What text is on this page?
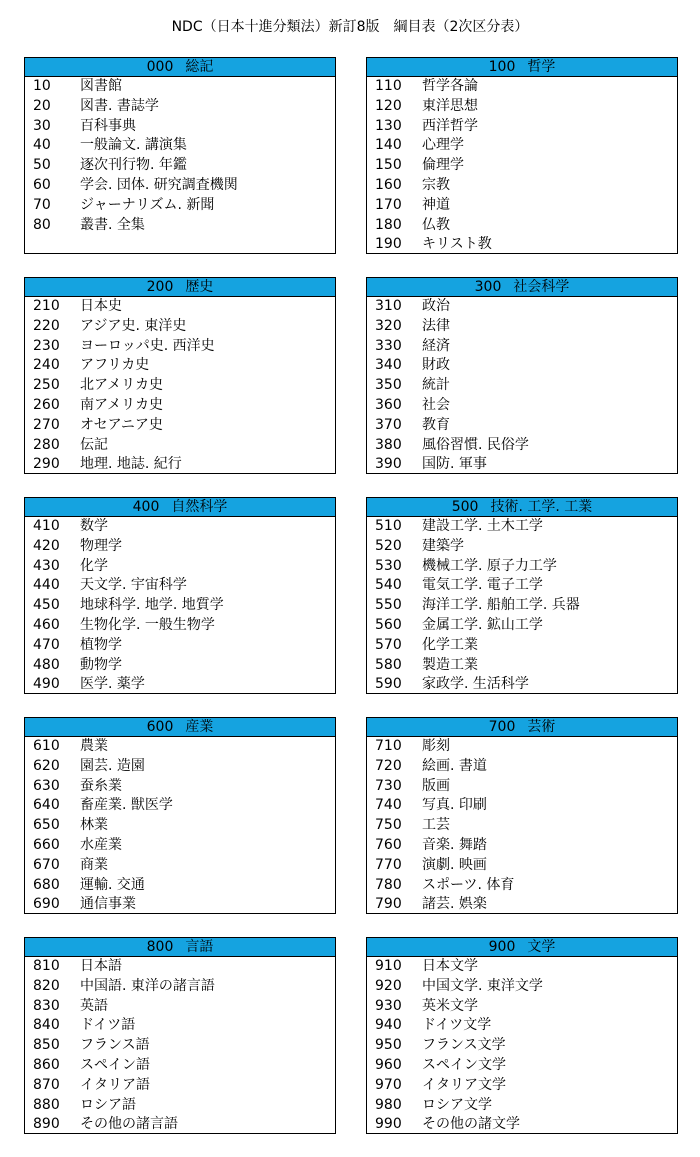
NDC（日本十進分類法）新訂8版　綱目表（2次区分表）
000 総記
10	図書館
20	図書. 書誌学
30	百科事典
40	一般論文. 講演集
50	逐次刊行物. 年鑑
60	学会. 団体. 研究調査機関
70	ジャーナリズム. 新聞
80	叢書. 全集
100 哲学
110	哲学各論
120	東洋思想
130	西洋哲学
140	心理学
150	倫理学
160	宗教
170	神道
180	仏教
190	キリスト教
200 歴史
210	日本史
220	アジア史. 東洋史
230	ヨーロッパ史. 西洋史
240	アフリカ史
250	北アメリカ史
260	南アメリカ史
270	オセアニア史
280	伝記
290	地理. 地誌. 紀行
300 社会科学
310	政治
320	法律
330	経済
340	財政
350	統計
360	社会
370	教育
380	風俗習慣. 民俗学
390	国防. 軍事
400 自然科学
410	数学
420	物理学
430	化学
440	天文学. 宇宙科学
450	地球科学. 地学. 地質学
460	生物化学. 一般生物学
470	植物学
480	動物学
490	医学. 薬学
500 技術. 工学. 工業
510	建設工学. 土木工学
520	建築学
530	機械工学. 原子力工学
540	電気工学. 電子工学
550	海洋工学. 船舶工学. 兵器
560	金属工学. 鉱山工学
570	化学工業
580	製造工業
590	家政学. 生活科学
600 産業
610	農業
620	園芸. 造園
630	蚕糸業
640	畜産業. 獣医学
650	林業
660	水産業
670	商業
680	運輸. 交通
690	通信事業
700 芸術
710	彫刻
720	絵画. 書道
730	版画
740	写真. 印刷
750	工芸
760	音楽. 舞踏
770	演劇. 映画
780	スポーツ. 体育
790	諸芸. 娯楽
800 言語
810	日本語
820	中国語. 東洋の諸言語
830	英語
840	ドイツ語
850	フランス語
860	スペイン語
870	イタリア語
880	ロシア語
890	その他の諸言語
900 文学
910	日本文学
920	中国文学. 東洋文学
930	英米文学
940	ドイツ文学
950	フランス文学
960	スペイン文学
970	イタリア文学
980	ロシア文学
990	その他の諸文学
